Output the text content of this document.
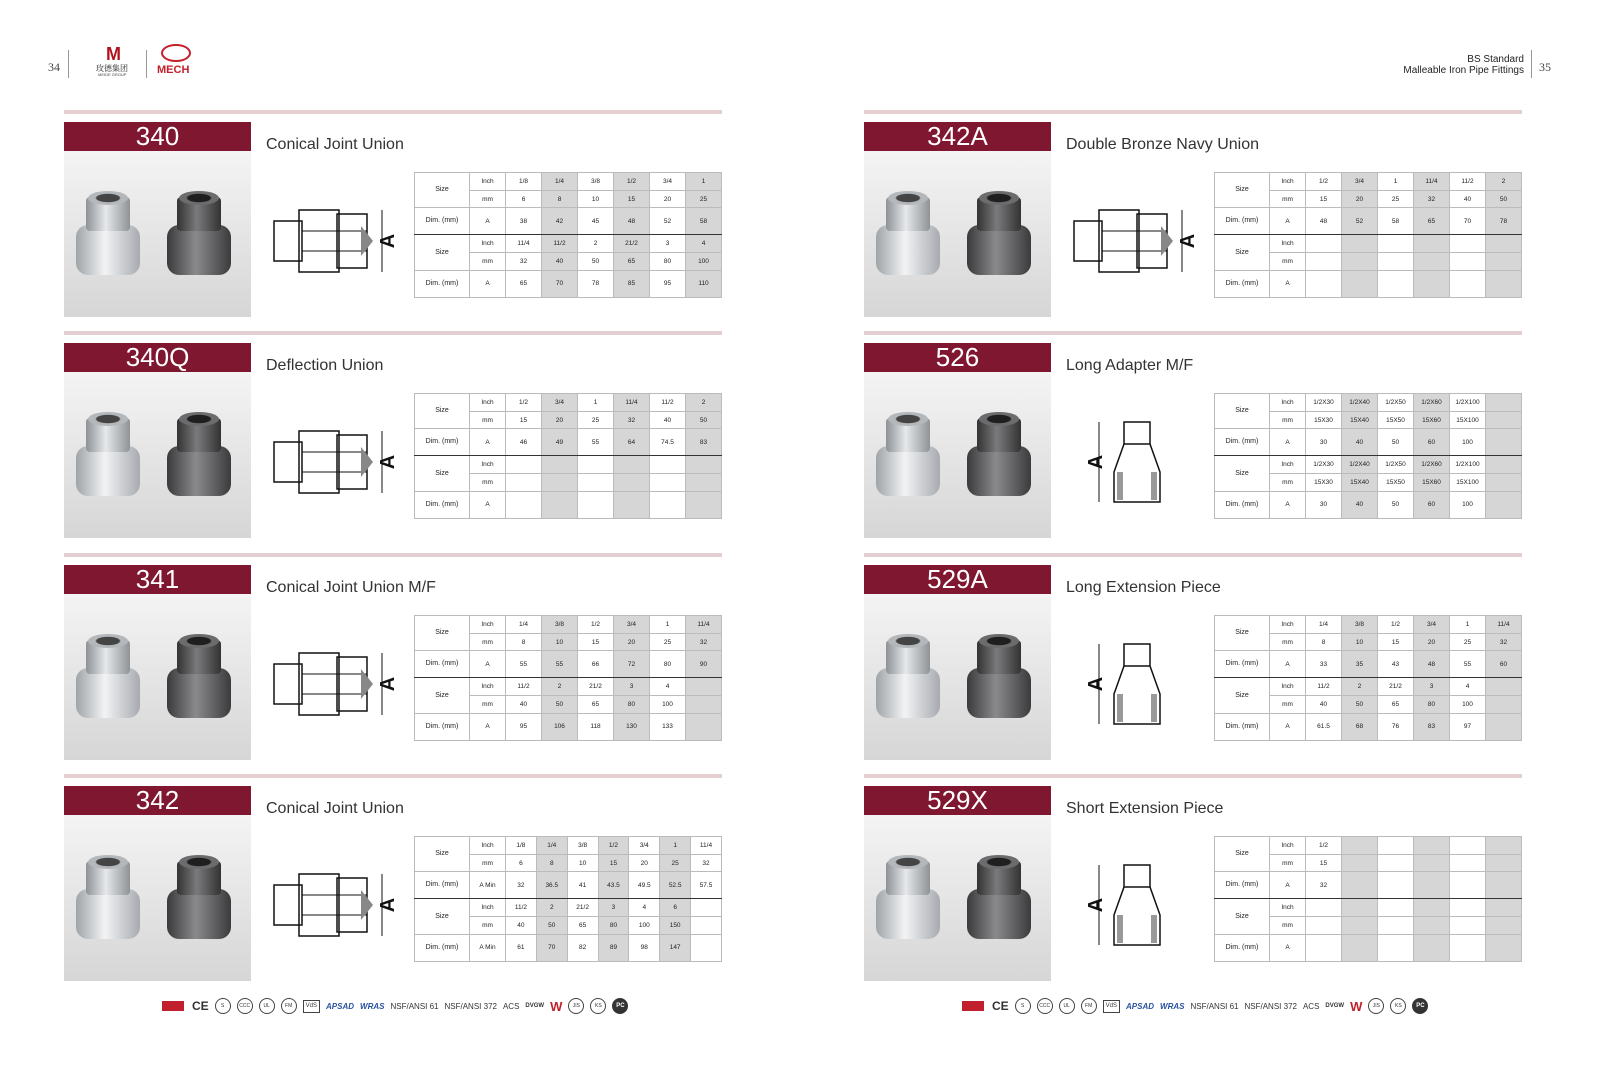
34
M
玫德集团
MEIDE GROUP	MECH
BS Standard
Malleable Iron Pipe Fittings 35
340	Conical Joint Union
A
Size	Inch	1/8	1/4	3/8	1/2	3/4	1
	mm	6	8	10	15	20	25
Dim. (mm)	A	38	42	45	48	52	58
Size	Inch	11/4	11/2	2	21/2	3	4
	mm	32	40	50	65	80	100
Dim. (mm)	A	65	70	78	85	95	110
342A	Double Bronze Navy Union
A
Size	Inch	1/2	3/4	1	11/4	11/2	2
	mm	15	20	25	32	40	50
Dim. (mm)	A	48	52	58	65	70	78
Size	Inch						
	mm						
Dim. (mm)	A						
340Q	Deflection Union
A
Size	Inch	1/2	3/4	1	11/4	11/2	2
	mm	15	20	25	32	40	50
Dim. (mm)	A	46	49	55	64	74.5	83
Size	Inch						
	mm						
Dim. (mm)	A						
526	Long Adapter M/F
A
Size	Inch	1/2X30	1/2X40	1/2X50	1/2X60	1/2X100	
	mm	15X30	15X40	15X50	15X60	15X100	
Dim. (mm)	A	30	40	50	60	100	
Size	Inch	1/2X30	1/2X40	1/2X50	1/2X60	1/2X100	
	mm	15X30	15X40	15X50	15X60	15X100	
Dim. (mm)	A	30	40	50	60	100	
341	Conical Joint Union M/F
A
Size	Inch	1/4	3/8	1/2	3/4	1	11/4
	mm	8	10	15	20	25	32
Dim. (mm)	A	55	55	66	72	80	90
Size	Inch	11/2	2	21/2	3	4	
	mm	40	50	65	80	100	
Dim. (mm)	A	95	106	118	130	133	
529A	Long Extension Piece
A
Size	Inch	1/4	3/8	1/2	3/4	1	11/4
	mm	8	10	15	20	25	32
Dim. (mm)	A	33	35	43	48	55	60
Size	Inch	11/2	2	21/2	3	4	
	mm	40	50	65	80	100	
Dim. (mm)	A	61.5	68	76	83	97	
342	Conical Joint Union
A
Size	Inch	1/8	1/4	3/8	1/2	3/4	1	11/4
	mm	6	8	10	15	20	25	32
Dim. (mm)	A Min	32	36.5	41	43.5	49.5	52.5	57.5
Size	Inch	11/2	2	21/2	3	4	6	
	mm	40	50	65	80	100	150	
Dim. (mm)	A Min	61	70	82	89	98	147	
529X	Short Extension Piece
A
Size	Inch	1/2					
	mm	15					
Dim. (mm)	A	32					
Size	Inch						
	mm						
Dim. (mm)	A						
CE	S	CCC	UL	FM	VdS	APSAD WRAS NSF/ANSI 61 NSF/ANSI 372 ACS DVGW W	JIS	KS	PC	CE	S	CCC	UL	FM	VdS	APSAD WRAS NSF/ANSI 61 NSF/ANSI 372 ACS DVGW W	JIS	KS	PC
